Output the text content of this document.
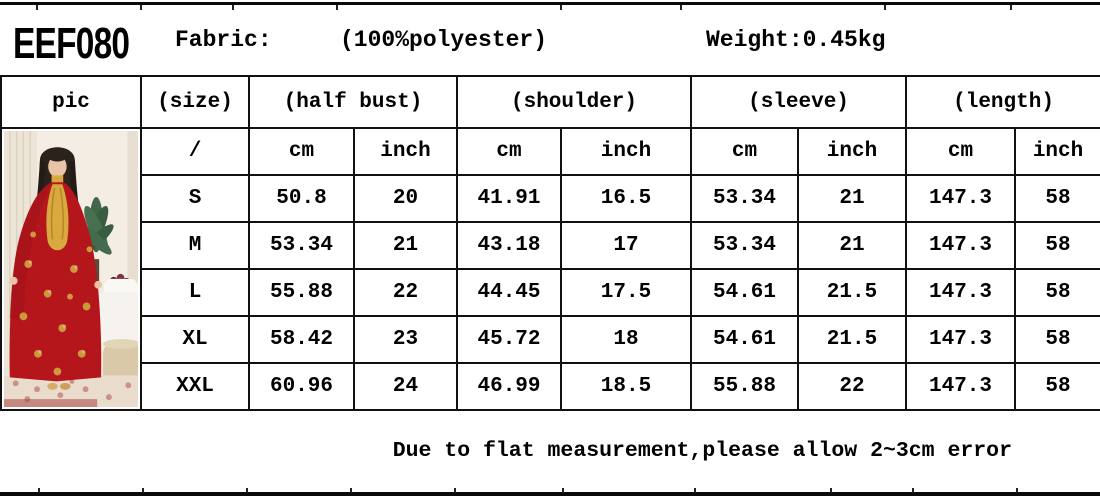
EEF080 Fabric:	(100%polyester)	Weight:0.45kg
pic	(size)	(half bust)		(shoulder)		(sleeve)		(length)	

	/	cm	inch	cm	inch	cm	inch	cm	inch
	S	50.8	20	41.91	16.5	53.34	21	147.3	58
	M	53.34	21	43.18	17	53.34	21	147.3	58
	L	55.88	22	44.45	17.5	54.61	21.5	147.3	58
	XL	58.42	23	45.72	18	54.61	21.5	147.3	58
	XXL	60.96	24	46.99	18.5	55.88	22	147.3	58
Due to flat measurement,please allow 2~3cm error
